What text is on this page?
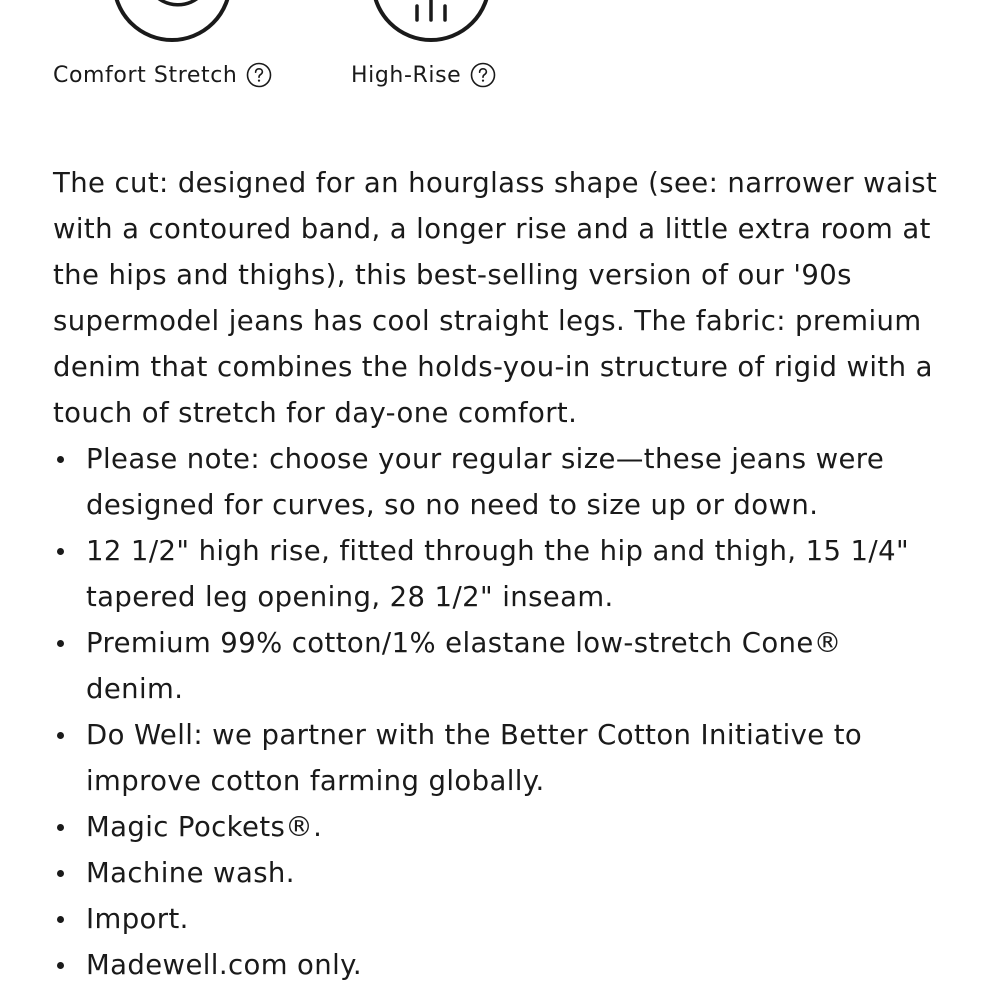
Comfort Stretch	High-Rise

The cut: designed for an hourglass shape (see: narrower waist with a contoured band, a longer rise and a little extra room at the hips and thighs), this best-selling version of our '90s supermodel jeans has cool straight legs. The fabric: premium denim that combines the holds-you-in structure of rigid with a touch of stretch for day-one comfort.

Please note: choose your regular size—these jeans were designed for curves, so no need to size up or down.
12 1/2" high rise, fitted through the hip and thigh, 15 1/4" tapered leg opening, 28 1/2" inseam.
Premium 99% cotton/1% elastane low-stretch Cone® denim.
Do Well: we partner with the Better Cotton Initiative to improve cotton farming globally.
Magic Pockets®.
Machine wash.
Import.
Madewell.com only.
